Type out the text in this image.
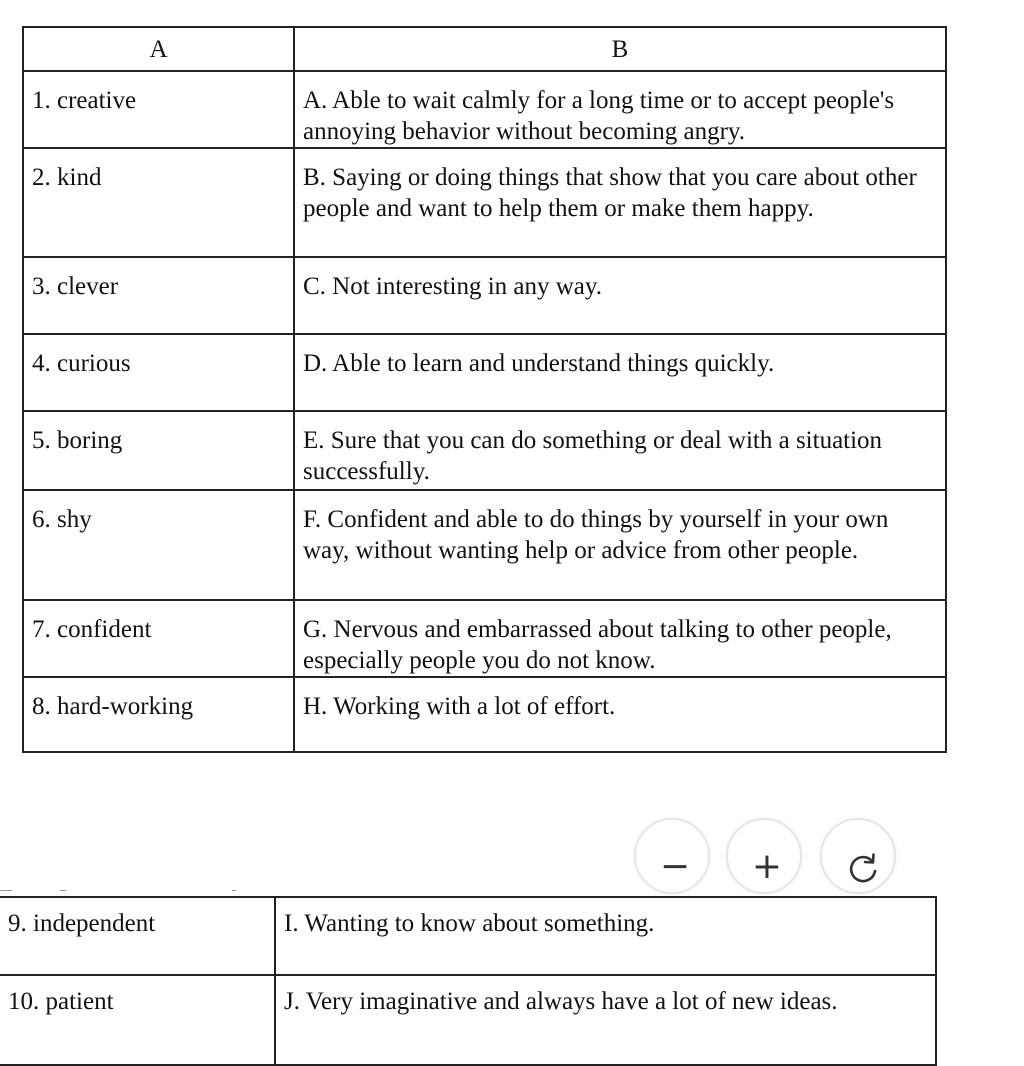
A	B
1. creative	A. Able to wait calmly for a long time or to accept people's annoying behavior without becoming angry.
2. kind	B. Saying or doing things that show that you care about other people and want to help them or make them happy.
3. clever	C. Not interesting in any way.
4. curious	D. Able to learn and understand things quickly.
5. boring	E. Sure that you can do something or deal with a situation successfully.
6. shy	F. Confident and able to do things by yourself in your own way, without wanting help or advice from other people.
7. confident	G. Nervous and embarrassed about talking to other people, especially people you do not know.
8. hard-working	H. Working with a lot of effort.
− +
9. independent	I. Wanting to know about something.
10. patient	J. Very imaginative and always have a lot of new ideas.
